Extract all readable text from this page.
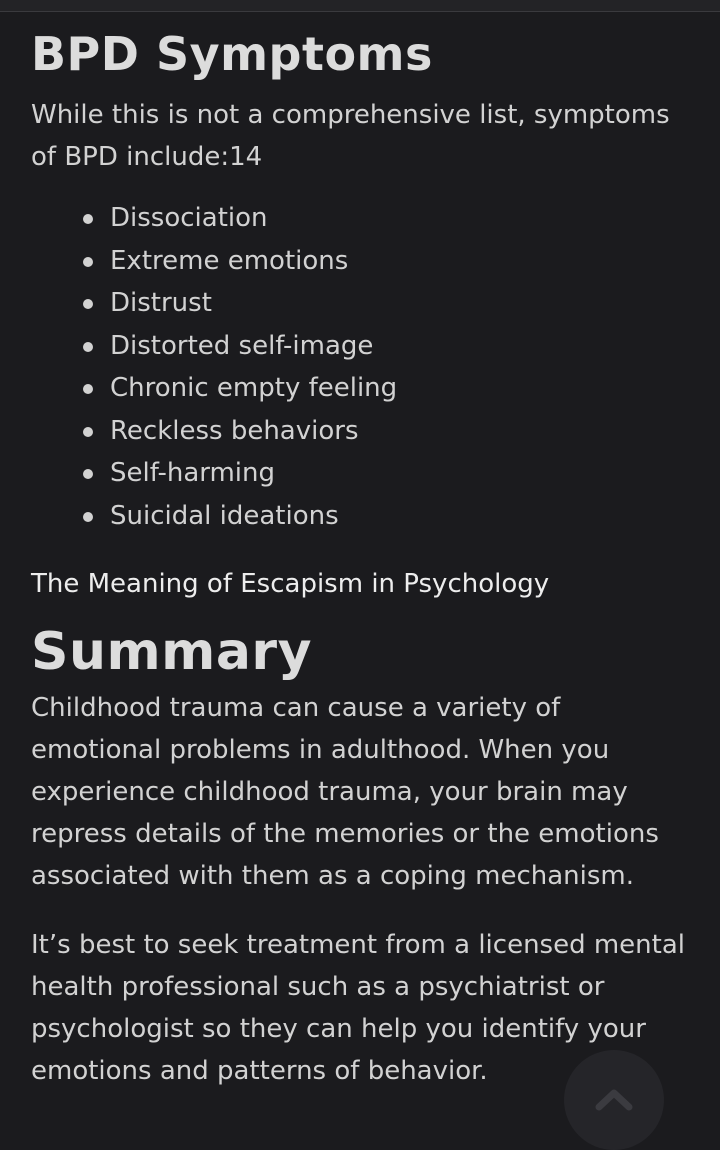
BPD Symptoms

While this is not a comprehensive list, symptoms of BPD include:14

Dissociation
Extreme emotions
Distrust
Distorted self-image
Chronic empty feeling
Reckless behaviors
Self-harming
Suicidal ideations
The Meaning of Escapism in Psychology
Summary

Childhood trauma can cause a variety of emotional problems in adulthood. When you experience childhood trauma, your brain may repress details of the memories or the emotions associated with them as a coping mechanism.

It’s best to seek treatment from a licensed mental health professional such as a psychiatrist or psychologist so they can help you identify your emotions and patterns of behavior.
